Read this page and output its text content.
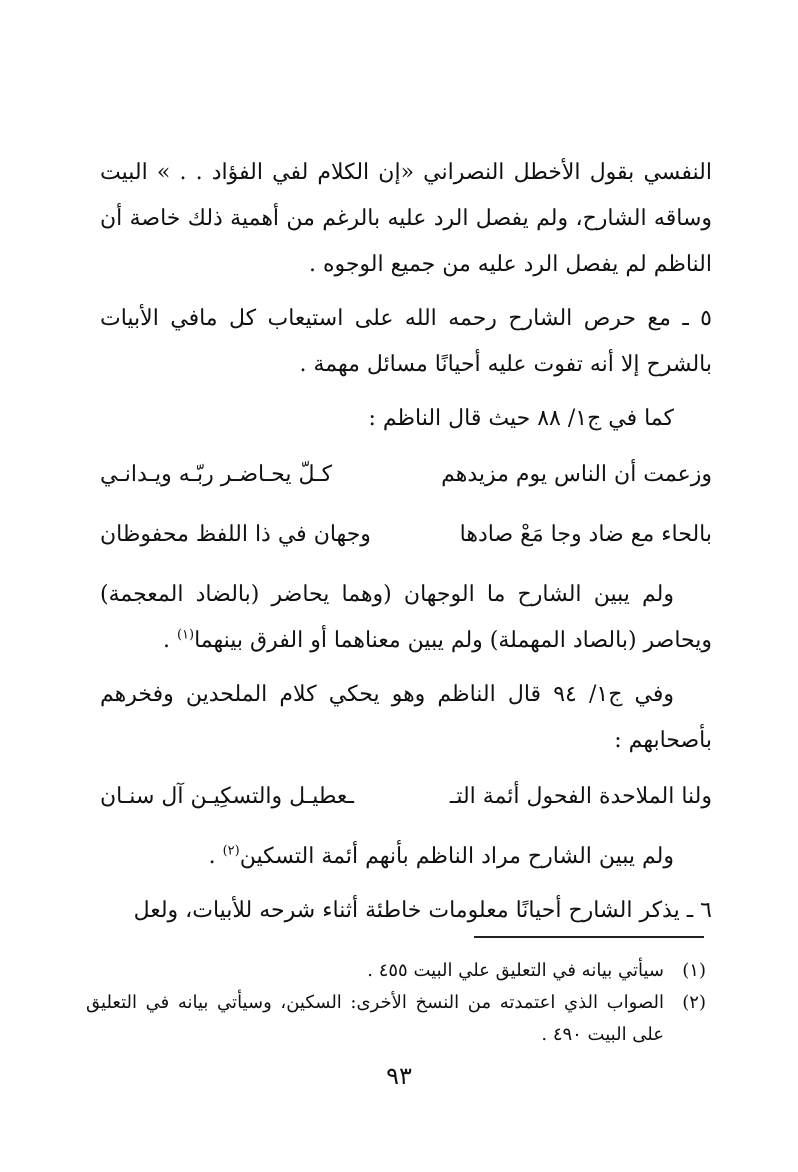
النفسي بقول الأخطل النصراني «إن الكلام لفي الفؤاد . . » البيت وساقه الشارح، ولم يفصل الرد عليه بالرغم من أهمية ذلك خاصة أن الناظم لم يفصل الرد عليه من جميع الوجوه .

٥ ـ مع حرص الشارح رحمه الله على استيعاب كل مافي الأبيات بالشرح إلا أنه تفوت عليه أحيانًا مسائل مهمة .

كما في ج١/ ٨٨ حيث قال الناظم :

وزعمت أن الناس يوم مزيدهم
كـلّ يحـاضـر ربّـه ويـدانـي
بالحاء مع ضاد وجا مَعْ صادها
وجهان في ذا اللفظ محفوظان

ولم يبين الشارح ما الوجهان (وهما يحاضر (بالضاد المعجمة) ويحاصر (بالصاد المهملة) ولم يبين معناهما أو الفرق بينهما$^{(١)}$ .

وفي ج١/ ٩٤ قال الناظم وهو يحكي كلام الملحدين وفخرهم بأصحابهم :

ولنا الملاحدة الفحول أئمة التـ
ـعطيـل والتسكِيـن آل سنـان

ولم يبين الشارح مراد الناظم بأنهم أئمة التسكين$^{(٢)}$ .

٦ ـ يذكر الشارح أحيانًا معلومات خاطئة أثناء شرحه للأبيات، ولعل

(١)
سيأتي بيانه في التعليق علي البيت ٤٥٥ .
(٢)
الصواب الذي اعتمدته من النسخ الأخرى: السكين، وسيأتي بيانه في التعليق على البيت ٤٩٠ .
٩٣
